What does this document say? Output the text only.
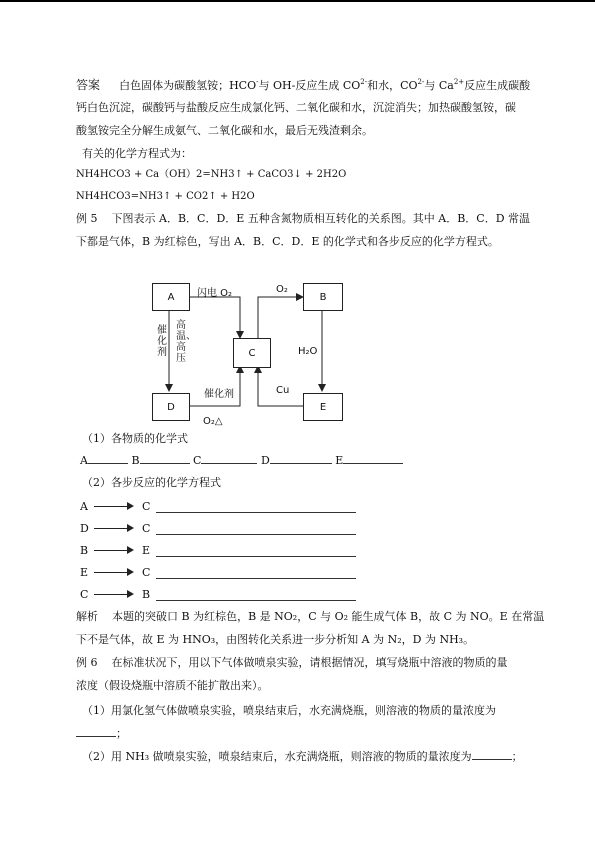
答案 白色固体为碳酸氢铵；HCO-与 OH-反应生成 $CO^{2-}$和水，$CO^{2-}$与 $Ca^{2+}$反应生成碳酸
钙白色沉淀，碳酸钙与盐酸反应生成氯化钙、二氧化碳和水，沉淀消失；加热碳酸氢铵，碳
酸氢铵完全分解生成氨气、二氧化碳和水，最后无残渣剩余。
有关的化学方程式为：
NH4HCO3 + Ca（OH）2=NH3↑ + CaCO3↓ + 2H2O
NH4HCO3=NH3↑ + CO2↑ + H2O
例 5 下图表示 A．B．C．D．E 五种含氮物质相互转化的关系图。其中 A．B．C．D 常温
下都是气体，B 为红棕色，写出 A．B．C．D．E 的化学式和各步反应的化学方程式。
A	B
C
D	E
闪电 O₂	O₂
催化剂
高温、高压
H₂O
催化剂	Cu
O₂△
（1）各物质的化学式
A	B	C	D	E
（2）各步反应的化学方程式
A	C
D	C
B	E
E	C
C	B
解析 本题的突破口 B 为红棕色，B 是 NO₂，C 与 O₂ 能生成气体 B，故 C 为 NO。E 在常温
下不是气体，故 E 为 HNO₃，由图转化关系进一步分析知 A 为 N₂，D 为 NH₃。
例 6 在标准状况下，用以下气体做喷泉实验，请根据情况，填写烧瓶中溶液的物质的量
浓度（假设烧瓶中溶质不能扩散出来）。
（1）用氯化氢气体做喷泉实验，喷泉结束后，水充满烧瓶，则溶液的物质的量浓度为
；
（2）用 NH₃ 做喷泉实验，喷泉结束后，水充满烧瓶，则溶液的物质的量浓度为	；
